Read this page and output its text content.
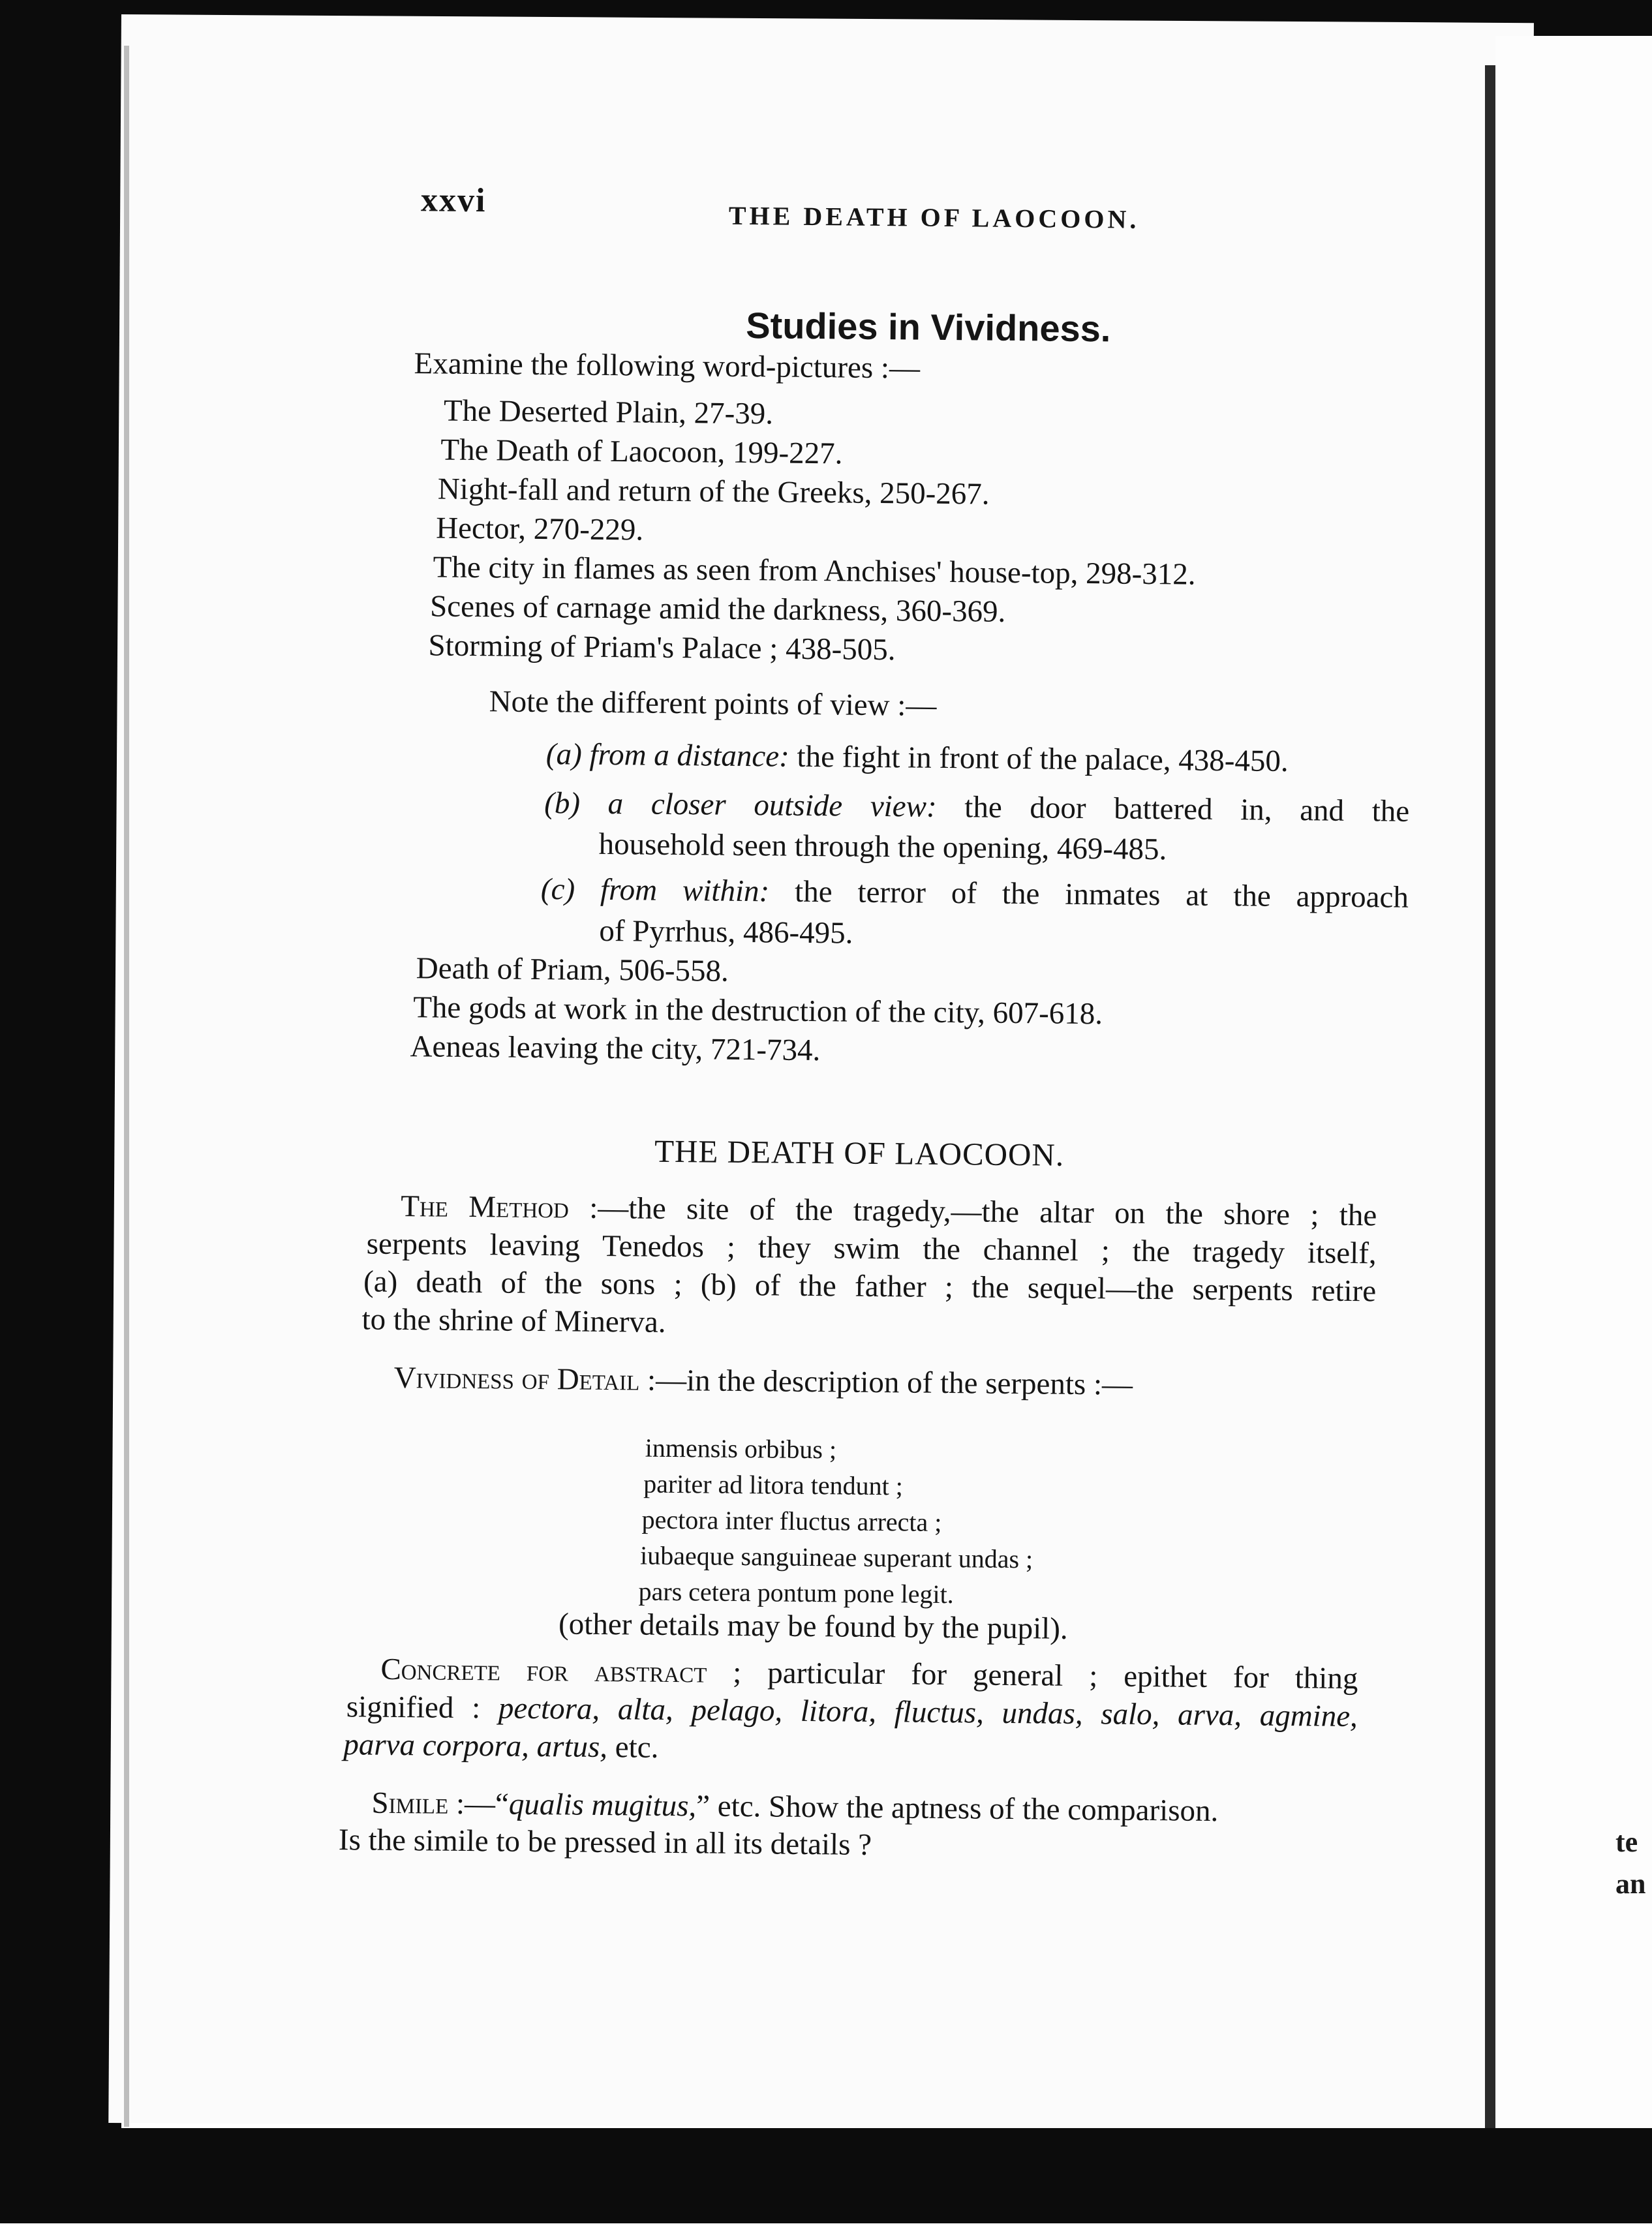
te
an
xxvi	THE DEATH OF LAOCOON.
Studies in Vividness.
Examine the following word-pictures :—
The Deserted Plain, 27-39.
The Death of Laocoon, 199-227.
Night-fall and return of the Greeks, 250-267.
Hector, 270-229.
The city in flames as seen from Anchises' house-top, 298-312.
Scenes of carnage amid the darkness, 360-369.
Storming of Priam's Palace ; 438-505.
Note the different points of view :—
(a) from a distance: the fight in front of the palace, 438-450.
(b) a closer outside view: the door battered in, and the
household seen through the opening, 469-485.
(c) from within: the terror of the inmates at the approach
of Pyrrhus, 486-495.
Death of Priam, 506-558.
The gods at work in the destruction of the city, 607-618.
Aeneas leaving the city, 721-734.
THE DEATH OF LAOCOON.
The Method :—the site of the tragedy,—the altar on the shore ; the
serpents leaving Tenedos ; they swim the channel ; the tragedy itself,
(a) death of the sons ; (b) of the father ; the sequel—the serpents retire
to the shrine of Minerva.
Vividness of Detail :—in the description of the serpents :—
inmensis orbibus ;
pariter ad litora tendunt ;
pectora inter fluctus arrecta ;
iubaeque sanguineae superant undas ;
pars cetera pontum pone legit.
(other details may be found by the pupil).
Concrete for abstract ; particular for general ; epithet for thing
signified : pectora, alta, pelago, litora, fluctus, undas, salo, arva, agmine,
parva corpora, artus, etc.
Simile :—“qualis mugitus,” etc. Show the aptness of the comparison.
Is the simile to be pressed in all its details ?
